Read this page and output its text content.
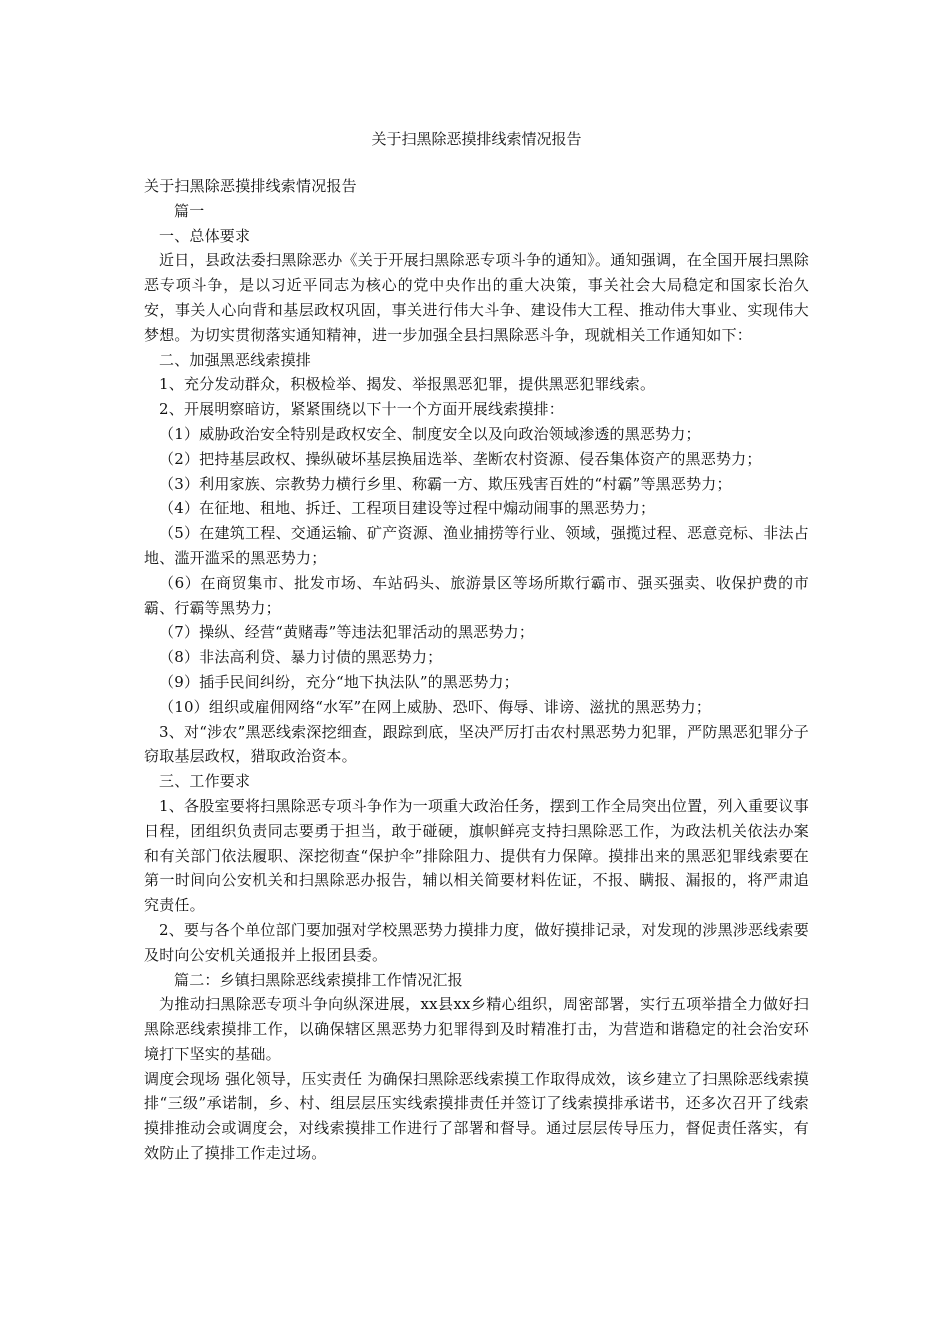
关于扫黑除恶摸排线索情况报告

关于扫黑除恶摸排线索情况报告

篇一

一、总体要求

近日，县政法委扫黑除恶办《关于开展扫黑除恶专项斗争的通知》。通知强调，在全国开展扫黑除恶专项斗争，是以习近平同志为核心的党中央作出的重大决策，事关社会大局稳定和国家长治久安，事关人心向背和基层政权巩固，事关进行伟大斗争、建设伟大工程、推动伟大事业、实现伟大梦想。为切实贯彻落实通知精神，进一步加强全县扫黑除恶斗争，现就相关工作通知如下：

二、加强黑恶线索摸排

1、充分发动群众，积极检举、揭发、举报黑恶犯罪，提供黑恶犯罪线索。

2、开展明察暗访，紧紧围绕以下十一个方面开展线索摸排：

（1）威胁政治安全特别是政权安全、制度安全以及向政治领域渗透的黑恶势力；

（2）把持基层政权、操纵破坏基层换届选举、垄断农村资源、侵吞集体资产的黑恶势力；

（3）利用家族、宗教势力横行乡里、称霸一方、欺压残害百姓的“村霸”等黑恶势力；

（4）在征地、租地、拆迁、工程项目建设等过程中煽动闹事的黑恶势力；

（5）在建筑工程、交通运输、矿产资源、渔业捕捞等行业、领域，强揽过程、恶意竞标、非法占地、滥开滥采的黑恶势力；

（6）在商贸集市、批发市场、车站码头、旅游景区等场所欺行霸市、强买强卖、收保护费的市霸、行霸等黑势力；

（7）操纵、经营“黄赌毒”等违法犯罪活动的黑恶势力；

（8）非法高利贷、暴力讨债的黑恶势力；

（9）插手民间纠纷，充分“地下执法队”的黑恶势力；

（10）组织或雇佣网络“水军”在网上威胁、恐吓、侮辱、诽谤、滋扰的黑恶势力；

3、对“涉农”黑恶线索深挖细查，跟踪到底，坚决严厉打击农村黑恶势力犯罪，严防黑恶犯罪分子窃取基层政权，猎取政治资本。

三、工作要求

1、各股室要将扫黑除恶专项斗争作为一项重大政治任务，摆到工作全局突出位置，列入重要议事日程，团组织负责同志要勇于担当，敢于碰硬，旗帜鲜亮支持扫黑除恶工作，为政法机关依法办案和有关部门依法履职、深挖彻查“保护伞”排除阻力、提供有力保障。摸排出来的黑恶犯罪线索要在第一时间向公安机关和扫黑除恶办报告，辅以相关简要材料佐证，不报、瞒报、漏报的，将严肃追究责任。

2、要与各个单位部门要加强对学校黑恶势力摸排力度，做好摸排记录，对发现的涉黑涉恶线索要及时向公安机关通报并上报团县委。

篇二：乡镇扫黑除恶线索摸排工作情况汇报

为推动扫黑除恶专项斗争向纵深进展，xx县xx乡精心组织，周密部署，实行五项举措全力做好扫黑除恶线索摸排工作，以确保辖区黑恶势力犯罪得到及时精准打击，为营造和谐稳定的社会治安环境打下坚实的基础。

调度会现场 强化领导，压实责任 为确保扫黑除恶线索摸工作取得成效，该乡建立了扫黑除恶线索摸排“三级”承诺制，乡、村、组层层压实线索摸排责任并签订了线索摸排承诺书，还多次召开了线索摸排推动会或调度会，对线索摸排工作进行了部署和督导。通过层层传导压力，督促责任落实，有效防止了摸排工作走过场。
